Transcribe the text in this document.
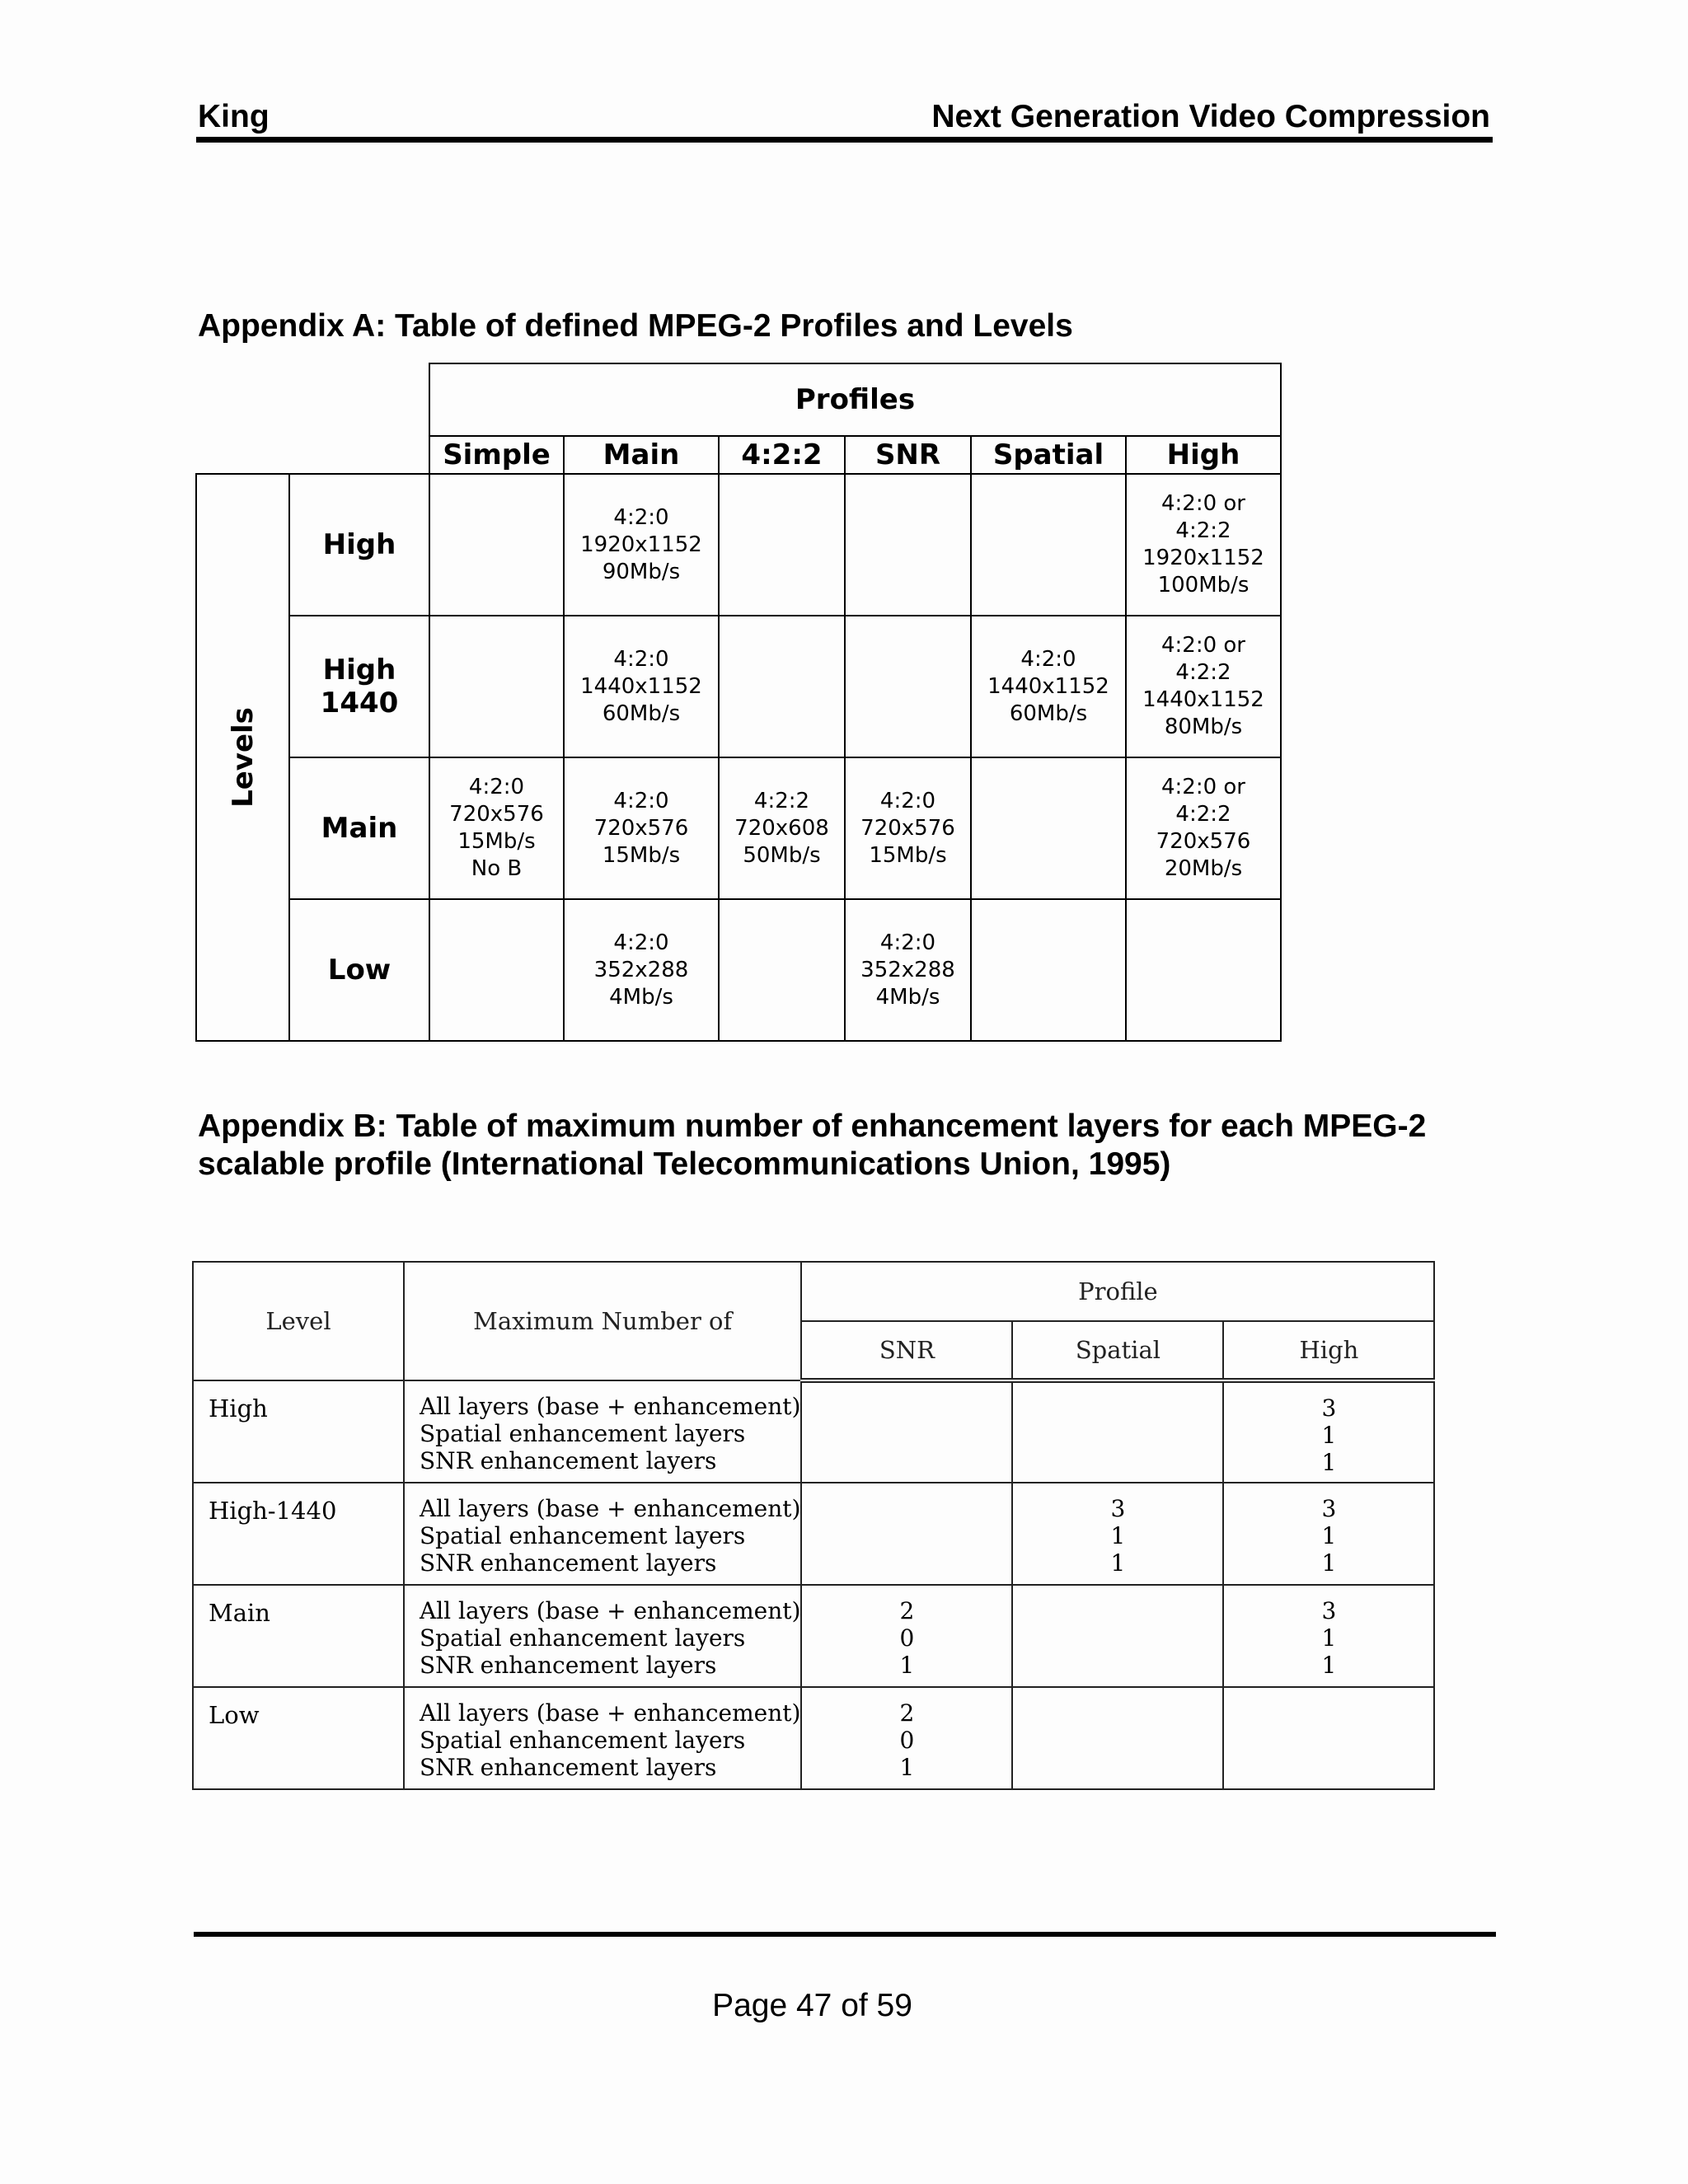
King	Next Generation Video Compression
Appendix A: Table of defined MPEG-2 Profiles and Levels
		Profiles					
		Simple	Main	4:2:2	SNR	Spatial	High

Levels	High		4:2:0
1920x1152
90Mb/s				4:2:0 or
4:2:2
1920x1152
100Mb/s

	High
1440		4:2:0
1440x1152
60Mb/s			4:2:0
1440x1152
60Mb/s	4:2:0 or
4:2:2
1440x1152
80Mb/s

	Main	4:2:0
720x576
15Mb/s
No B	4:2:0
720x576
15Mb/s	4:2:2
720x608
50Mb/s	4:2:0
720x576
15Mb/s		4:2:0 or
4:2:2
720x576
20Mb/s

	Low		4:2:0
352x288
4Mb/s		4:2:0
352x288
4Mb/s		

Appendix B: Table of maximum number of enhancement layers for each MPEG-2 scalable profile (International Telecommunications Union, 1995)
Level	Maximum Number of	Profile		
		SNR	Spatial	High
High	All layers (base + enhancement)
Spatial enhancement layers
SNR enhancement layers			3
1
1

High-1440	All layers (base + enhancement)
Spatial enhancement layers
SNR enhancement layers		3
1
1	3
1
1

Main	All layers (base + enhancement)
Spatial enhancement layers
SNR enhancement layers	2
0
1		3
1
1

Low	All layers (base + enhancement)
Spatial enhancement layers
SNR enhancement layers	2
0
1		

Page 47 of 59
